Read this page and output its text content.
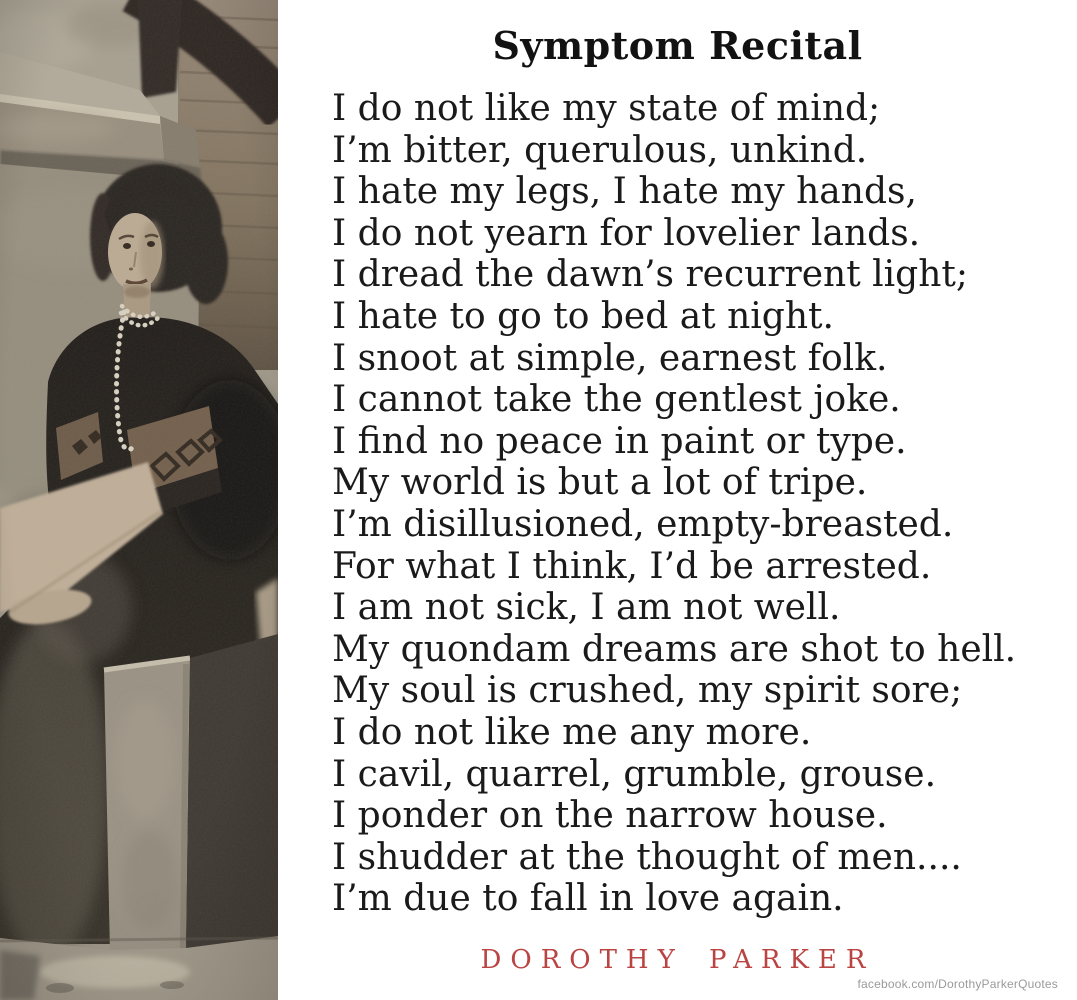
Symptom Recital
I do not like my state of mind;
I’m bitter, querulous, unkind.
I hate my legs, I hate my hands,
I do not yearn for lovelier lands.
I dread the dawn’s recurrent light;
I hate to go to bed at night.
I snoot at simple, earnest folk.
I cannot take the gentlest joke.
I find no peace in paint or type.
My world is but a lot of tripe.
I’m disillusioned, empty-breasted.
For what I think, I’d be arrested.
I am not sick, I am not well.
My quondam dreams are shot to hell.
My soul is crushed, my spirit sore;
I do not like me any more.
I cavil, quarrel, grumble, grouse.
I ponder on the narrow house.
I shudder at the thought of men....
I’m due to fall in love again.
DOROTHY PARKER
facebook.com/DorothyParkerQuotes
